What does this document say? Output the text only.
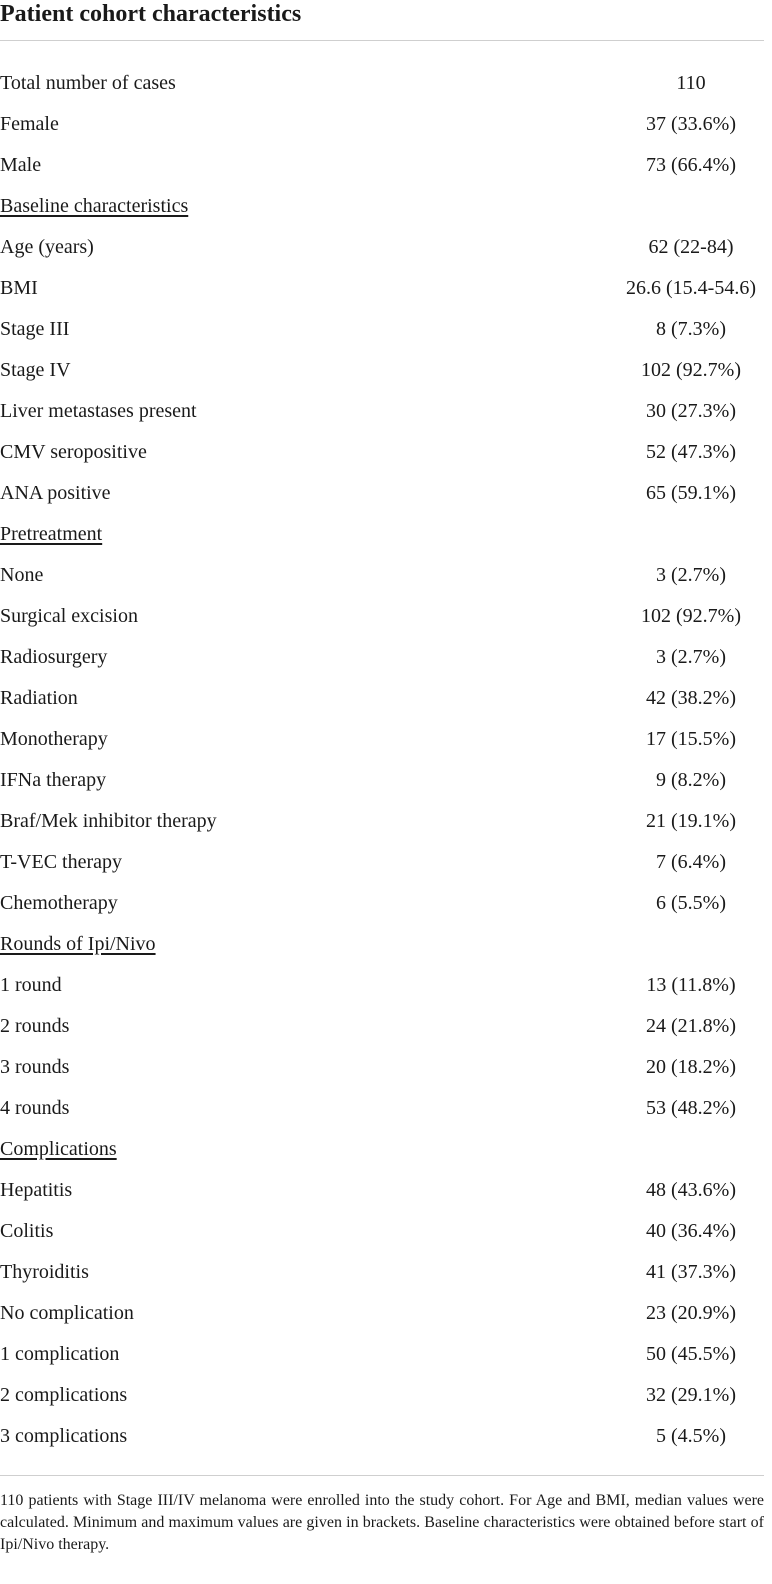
Patient cohort characteristics
Total number of cases	110
Female	37 (33.6%)
Male	73 (66.4%)
Baseline characteristics
Age (years)	62 (22-84)
BMI	26.6 (15.4-54.6)
Stage III	8 (7.3%)
Stage IV	102 (92.7%)
Liver metastases present	30 (27.3%)
CMV seropositive	52 (47.3%)
ANA positive	65 (59.1%)
Pretreatment
None	3 (2.7%)
Surgical excision	102 (92.7%)
Radiosurgery	3 (2.7%)
Radiation	42 (38.2%)
Monotherapy	17 (15.5%)
IFNa therapy	9 (8.2%)
Braf/Mek inhibitor therapy	21 (19.1%)
T-VEC therapy	7 (6.4%)
Chemotherapy	6 (5.5%)
Rounds of Ipi/Nivo
1 round	13 (11.8%)
2 rounds	24 (21.8%)
3 rounds	20 (18.2%)
4 rounds	53 (48.2%)
Complications
Hepatitis	48 (43.6%)
Colitis	40 (36.4%)
Thyroiditis	41 (37.3%)
No complication	23 (20.9%)
1 complication	50 (45.5%)
2 complications	32 (29.1%)
3 complications	5 (4.5%)

110 patients with Stage III/IV melanoma were enrolled into the study cohort. For Age and BMI, median values were calculated. Minimum and maximum values are given in brackets. Baseline characteristics were obtained before start of Ipi/Nivo therapy.
